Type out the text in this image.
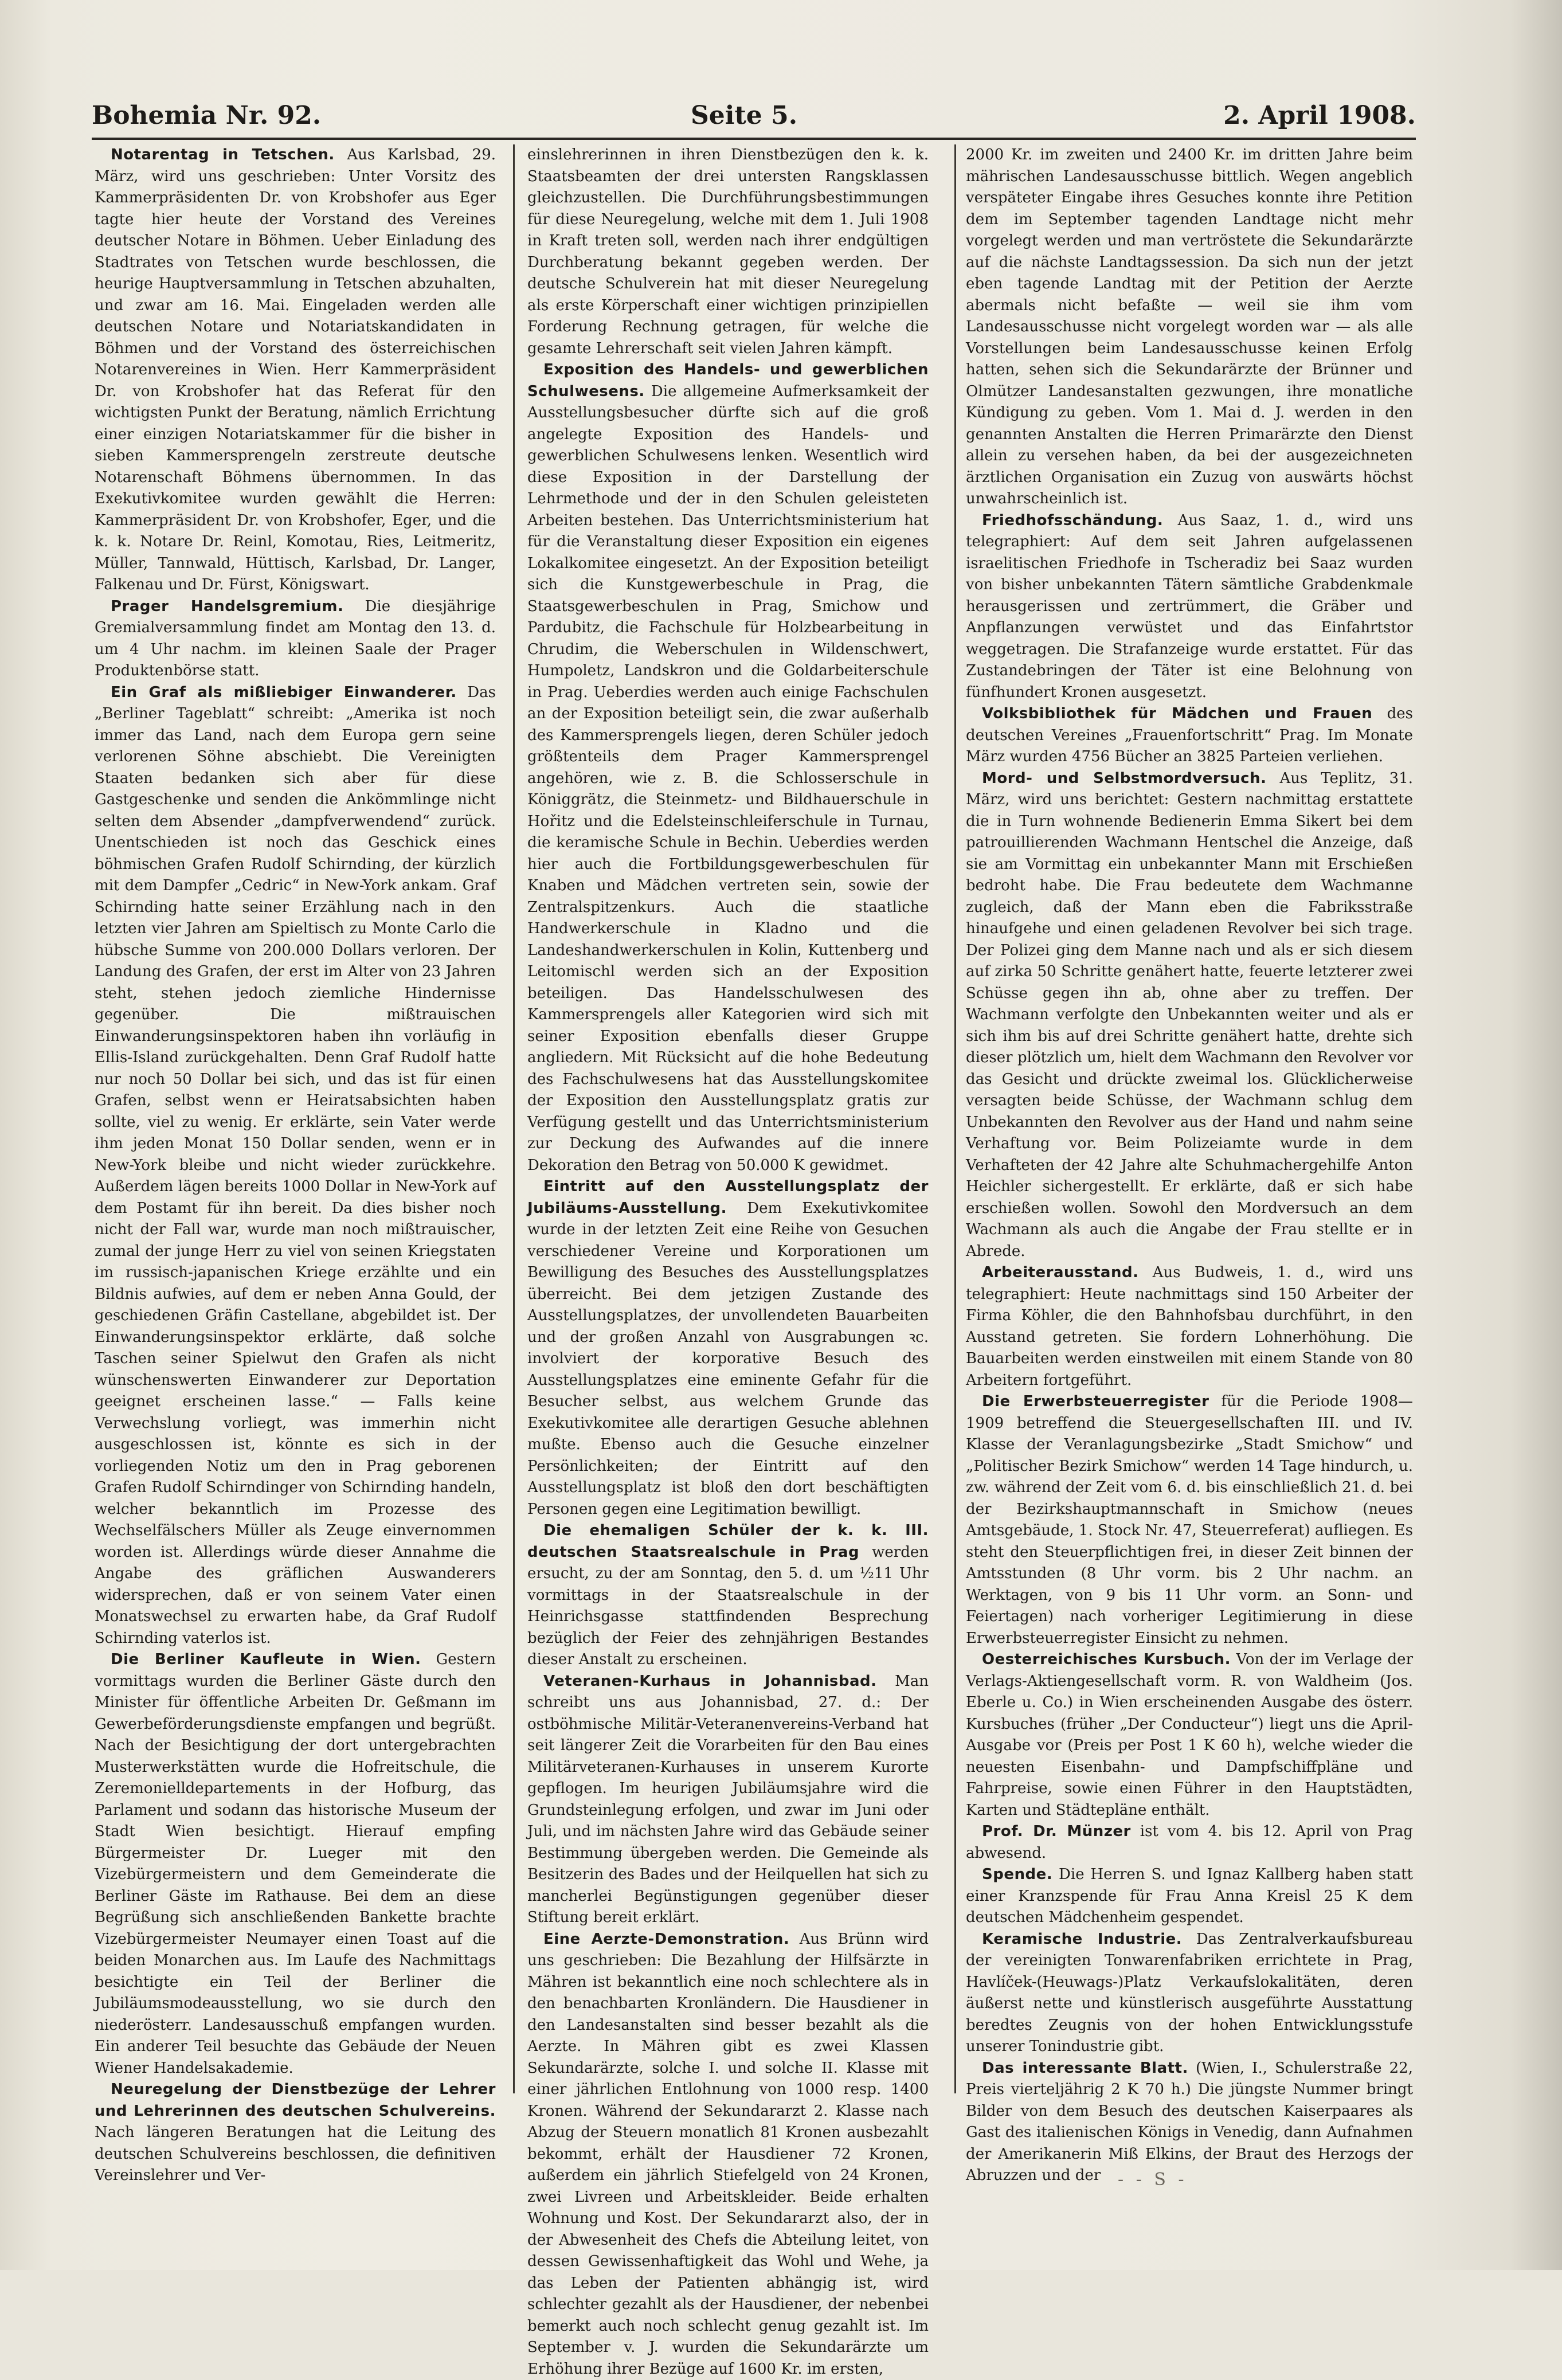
Bohemia Nr. 92.	Seite 5.	2. April 1908.

Notarentag in Tetschen. Aus Karlsbad, 29. März, wird uns geschrieben: Unter Vorsitz des Kammerpräsidenten Dr. von Krobshofer aus Eger tagte hier heute der Vorstand des Vereines deutscher Notare in Böhmen. Ueber Einladung des Stadtrates von Tetschen wurde beschlossen, die heurige Hauptversammlung in Tetschen abzuhalten, und zwar am 16. Mai. Eingeladen werden alle deutschen Notare und Notariatskandidaten in Böhmen und der Vorstand des österreichischen Notarenvereines in Wien. Herr Kammerpräsident Dr. von Krobshofer hat das Referat für den wichtigsten Punkt der Beratung, nämlich Errichtung einer einzigen Notariatskammer für die bisher in sieben Kammersprengeln zerstreute deutsche Notarenschaft Böhmens übernommen. In das Exekutivkomitee wurden gewählt die Herren: Kammerpräsident Dr. von Krobshofer, Eger, und die k. k. Notare Dr. Reinl, Komotau, Ries, Leitmeritz, Müller, Tannwald, Hüttisch, Karlsbad, Dr. Langer, Falkenau und Dr. Fürst, Königswart.

Prager Handelsgremium. Die diesjährige Gremialversammlung findet am Montag den 13. d. um 4 Uhr nachm. im kleinen Saale der Prager Produktenbörse statt.

Ein Graf als mißliebiger Einwanderer. Das „Berliner Tageblatt“ schreibt: „Amerika ist noch immer das Land, nach dem Europa gern seine verlorenen Söhne abschiebt. Die Vereinigten Staaten bedanken sich aber für diese Gastgeschenke und senden die Ankömmlinge nicht selten dem Absender „dampfverwendend“ zurück. Unentschieden ist noch das Geschick eines böhmischen Grafen Rudolf Schirnding, der kürzlich mit dem Dampfer „Cedric“ in New-York ankam. Graf Schirnding hatte seiner Erzählung nach in den letzten vier Jahren am Spieltisch zu Monte Carlo die hübsche Summe von 200.000 Dollars verloren. Der Landung des Grafen, der erst im Alter von 23 Jahren steht, stehen jedoch ziemliche Hindernisse gegenüber. Die mißtrauischen Einwanderungsinspektoren haben ihn vorläufig in Ellis-Island zurückgehalten. Denn Graf Rudolf hatte nur noch 50 Dollar bei sich, und das ist für einen Grafen, selbst wenn er Heiratsabsichten haben sollte, viel zu wenig. Er erklärte, sein Vater werde ihm jeden Monat 150 Dollar senden, wenn er in New-York bleibe und nicht wieder zurückkehre. Außerdem lägen bereits 1000 Dollar in New-York auf dem Postamt für ihn bereit. Da dies bisher noch nicht der Fall war, wurde man noch mißtrauischer, zumal der junge Herr zu viel von seinen Kriegstaten im russisch-japanischen Kriege erzählte und ein Bildnis aufwies, auf dem er neben Anna Gould, der geschiedenen Gräfin Castellane, abgebildet ist. Der Einwanderungsinspektor erklärte, daß solche Taschen seiner Spielwut den Grafen als nicht wünschenswerten Einwanderer zur Deportation geeignet erscheinen lasse.“ — Falls keine Verwechslung vorliegt, was immerhin nicht ausgeschlossen ist, könnte es sich in der vorliegenden Notiz um den in Prag geborenen Grafen Rudolf Schirndinger von Schirnding handeln, welcher bekanntlich im Prozesse des Wechselfälschers Müller als Zeuge einvernommen worden ist. Allerdings würde dieser Annahme die Angabe des gräflichen Auswanderers widersprechen, daß er von seinem Vater einen Monatswechsel zu erwarten habe, da Graf Rudolf Schirnding vaterlos ist.

Die Berliner Kaufleute in Wien. Gestern vormittags wurden die Berliner Gäste durch den Minister für öffentliche Arbeiten Dr. Geßmann im Gewerbeförderungsdienste empfangen und begrüßt. Nach der Besichtigung der dort untergebrachten Musterwerkstätten wurde die Hofreitschule, die Zeremonielldepartements in der Hofburg, das Parlament und sodann das historische Museum der Stadt Wien besichtigt. Hierauf empfing Bürgermeister Dr. Lueger mit den Vizebürgermeistern und dem Gemeinderate die Berliner Gäste im Rathause. Bei dem an diese Begrüßung sich anschließenden Bankette brachte Vizebürgermeister Neumayer einen Toast auf die beiden Monarchen aus. Im Laufe des Nachmittags besichtigte ein Teil der Berliner die Jubiläumsmodeausstellung, wo sie durch den niederösterr. Landesausschuß empfangen wurden. Ein anderer Teil besuchte das Gebäude der Neuen Wiener Handelsakademie.

Neuregelung der Dienstbezüge der Lehrer und Lehrerinnen des deutschen Schulvereins. Nach längeren Beratungen hat die Leitung des deutschen Schulvereins beschlossen, die definitiven Vereinslehrer und Ver-

einslehrerinnen in ihren Dienstbezügen den k. k. Staatsbeamten der drei untersten Rangsklassen gleichzustellen. Die Durchführungsbestimmungen für diese Neuregelung, welche mit dem 1. Juli 1908 in Kraft treten soll, werden nach ihrer endgültigen Durchberatung bekannt gegeben werden. Der deutsche Schulverein hat mit dieser Neuregelung als erste Körperschaft einer wichtigen prinzipiellen Forderung Rechnung getragen, für welche die gesamte Lehrerschaft seit vielen Jahren kämpft.

Exposition des Handels- und gewerblichen Schulwesens. Die allgemeine Aufmerksamkeit der Ausstellungsbesucher dürfte sich auf die groß angelegte Exposition des Handels- und gewerblichen Schulwesens lenken. Wesentlich wird diese Exposition in der Darstellung der Lehrmethode und der in den Schulen geleisteten Arbeiten bestehen. Das Unterrichtsministerium hat für die Veranstaltung dieser Exposition ein eigenes Lokalkomitee eingesetzt. An der Exposition beteiligt sich die Kunstgewerbeschule in Prag, die Staatsgewerbeschulen in Prag, Smichow und Pardubitz, die Fachschule für Holzbearbeitung in Chrudim, die Weberschulen in Wildenschwert, Humpoletz, Landskron und die Goldarbeiterschule in Prag. Ueberdies werden auch einige Fachschulen an der Exposition beteiligt sein, die zwar außerhalb des Kammersprengels liegen, deren Schüler jedoch größtenteils dem Prager Kammersprengel angehören, wie z. B. die Schlosserschule in Königgrätz, die Steinmetz- und Bildhauerschule in Hořitz und die Edelsteinschleiferschule in Turnau, die keramische Schule in Bechin. Ueberdies werden hier auch die Fortbildungsgewerbeschulen für Knaben und Mädchen vertreten sein, sowie der Zentralspitzenkurs. Auch die staatliche Handwerkerschule in Kladno und die Landeshandwerkerschulen in Kolin, Kuttenberg und Leitomischl werden sich an der Exposition beteiligen. Das Handelsschulwesen des Kammersprengels aller Kategorien wird sich mit seiner Exposition ebenfalls dieser Gruppe angliedern. Mit Rücksicht auf die hohe Bedeutung des Fachschulwesens hat das Ausstellungskomitee der Exposition den Ausstellungsplatz gratis zur Verfügung gestellt und das Unterrichtsministerium zur Deckung des Aufwandes auf die innere Dekoration den Betrag von 50.000 K gewidmet.

Eintritt auf den Ausstellungsplatz der Jubiläums-Ausstellung. Dem Exekutivkomitee wurde in der letzten Zeit eine Reihe von Gesuchen verschiedener Vereine und Korporationen um Bewilligung des Besuches des Ausstellungsplatzes überreicht. Bei dem jetzigen Zustande des Ausstellungsplatzes, der unvollendeten Bauarbeiten und der großen Anzahl von Ausgrabungen ꝛc. involviert der korporative Besuch des Ausstellungsplatzes eine eminente Gefahr für die Besucher selbst, aus welchem Grunde das Exekutivkomitee alle derartigen Gesuche ablehnen mußte. Ebenso auch die Gesuche einzelner Persönlichkeiten; der Eintritt auf den Ausstellungsplatz ist bloß den dort beschäftigten Personen gegen eine Legitimation bewilligt.

Die ehemaligen Schüler der k. k. III. deutschen Staatsrealschule in Prag werden ersucht, zu der am Sonntag, den 5. d. um ½11 Uhr vormittags in der Staatsrealschule in der Heinrichsgasse stattfindenden Besprechung bezüglich der Feier des zehnjährigen Bestandes dieser Anstalt zu erscheinen.

Veteranen-Kurhaus in Johannisbad. Man schreibt uns aus Johannisbad, 27. d.: Der ostböhmische Militär-Veteranenvereins-Verband hat seit längerer Zeit die Vorarbeiten für den Bau eines Militärveteranen-Kurhauses in unserem Kurorte gepflogen. Im heurigen Jubiläumsjahre wird die Grundsteinlegung erfolgen, und zwar im Juni oder Juli, und im nächsten Jahre wird das Gebäude seiner Bestimmung übergeben werden. Die Gemeinde als Besitzerin des Bades und der Heilquellen hat sich zu mancherlei Begünstigungen gegenüber dieser Stiftung bereit erklärt.

Eine Aerzte-Demonstration. Aus Brünn wird uns geschrieben: Die Bezahlung der Hilfsärzte in Mähren ist bekanntlich eine noch schlechtere als in den benachbarten Kronländern. Die Hausdiener in den Landesanstalten sind besser bezahlt als die Aerzte. In Mähren gibt es zwei Klassen Sekundarärzte, solche I. und solche II. Klasse mit einer jährlichen Entlohnung von 1000 resp. 1400 Kronen. Während der Sekundararzt 2. Klasse nach Abzug der Steuern monatlich 81 Kronen ausbezahlt bekommt, erhält der Hausdiener 72 Kronen, außerdem ein jährlich Stiefelgeld von 24 Kronen, zwei Livreen und Arbeitskleider. Beide erhalten Wohnung und Kost. Der Sekundararzt also, der in der Abwesenheit des Chefs die Abteilung leitet, von dessen Gewissenhaftigkeit das Wohl und Wehe, ja das Leben der Patienten abhängig ist, wird schlechter gezahlt als der Hausdiener, der nebenbei bemerkt auch noch schlecht genug gezahlt ist. Im September v. J. wurden die Sekundarärzte um Erhöhung ihrer Bezüge auf 1600 Kr. im ersten,

2000 Kr. im zweiten und 2400 Kr. im dritten Jahre beim mährischen Landesausschusse bittlich. Wegen angeblich verspäteter Eingabe ihres Gesuches konnte ihre Petition dem im September tagenden Landtage nicht mehr vorgelegt werden und man vertröstete die Sekundarärzte auf die nächste Landtagssession. Da sich nun der jetzt eben tagende Landtag mit der Petition der Aerzte abermals nicht befaßte — weil sie ihm vom Landesausschusse nicht vorgelegt worden war — als alle Vorstellungen beim Landesausschusse keinen Erfolg hatten, sehen sich die Sekundarärzte der Brünner und Olmützer Landesanstalten gezwungen, ihre monatliche Kündigung zu geben. Vom 1. Mai d. J. werden in den genannten Anstalten die Herren Primarärzte den Dienst allein zu versehen haben, da bei der ausgezeichneten ärztlichen Organisation ein Zuzug von auswärts höchst unwahrscheinlich ist.

Friedhofsschändung. Aus Saaz, 1. d., wird uns telegraphiert: Auf dem seit Jahren aufgelassenen israelitischen Friedhofe in Tscheradiz bei Saaz wurden von bisher unbekannten Tätern sämtliche Grabdenkmale herausgerissen und zertrümmert, die Gräber und Anpflanzungen verwüstet und das Einfahrtstor weggetragen. Die Strafanzeige wurde erstattet. Für das Zustandebringen der Täter ist eine Belohnung von fünfhundert Kronen ausgesetzt.

Volksbibliothek für Mädchen und Frauen des deutschen Vereines „Frauenfortschritt“ Prag. Im Monate März wurden 4756 Bücher an 3825 Parteien verliehen.

Mord- und Selbstmordversuch. Aus Teplitz, 31. März, wird uns berichtet: Gestern nachmittag erstattete die in Turn wohnende Bedienerin Emma Sikert bei dem patrouillierenden Wachmann Hentschel die Anzeige, daß sie am Vormittag ein unbekannter Mann mit Erschießen bedroht habe. Die Frau bedeutete dem Wachmanne zugleich, daß der Mann eben die Fabriksstraße hinaufgehe und einen geladenen Revolver bei sich trage. Der Polizei ging dem Manne nach und als er sich diesem auf zirka 50 Schritte genähert hatte, feuerte letzterer zwei Schüsse gegen ihn ab, ohne aber zu treffen. Der Wachmann verfolgte den Unbekannten weiter und als er sich ihm bis auf drei Schritte genähert hatte, drehte sich dieser plötzlich um, hielt dem Wachmann den Revolver vor das Gesicht und drückte zweimal los. Glücklicherweise versagten beide Schüsse, der Wachmann schlug dem Unbekannten den Revolver aus der Hand und nahm seine Verhaftung vor. Beim Polizeiamte wurde in dem Verhafteten der 42 Jahre alte Schuhmachergehilfe Anton Heichler sichergestellt. Er erklärte, daß er sich habe erschießen wollen. Sowohl den Mordversuch an dem Wachmann als auch die Angabe der Frau stellte er in Abrede.

Arbeiterausstand. Aus Budweis, 1. d., wird uns telegraphiert: Heute nachmittags sind 150 Arbeiter der Firma Köhler, die den Bahnhofsbau durchführt, in den Ausstand getreten. Sie fordern Lohnerhöhung. Die Bauarbeiten werden einstweilen mit einem Stande von 80 Arbeitern fortgeführt.

Die Erwerbsteuerregister für die Periode 1908—1909 betreffend die Steuergesellschaften III. und IV. Klasse der Veranlagungsbezirke „Stadt Smichow“ und „Politischer Bezirk Smichow“ werden 14 Tage hindurch, u. zw. während der Zeit vom 6. d. bis einschließlich 21. d. bei der Bezirkshauptmannschaft in Smichow (neues Amtsgebäude, 1. Stock Nr. 47, Steuerreferat) aufliegen. Es steht den Steuerpflichtigen frei, in dieser Zeit binnen der Amtsstunden (8 Uhr vorm. bis 2 Uhr nachm. an Werktagen, von 9 bis 11 Uhr vorm. an Sonn- und Feiertagen) nach vorheriger Legitimierung in diese Erwerbsteuerregister Einsicht zu nehmen.

Oesterreichisches Kursbuch. Von der im Verlage der Verlags-Aktiengesellschaft vorm. R. von Waldheim (Jos. Eberle u. Co.) in Wien erscheinenden Ausgabe des österr. Kursbuches (früher „Der Conducteur“) liegt uns die April-Ausgabe vor (Preis per Post 1 K 60 h), welche wieder die neuesten Eisenbahn- und Dampfschiffpläne und Fahrpreise, sowie einen Führer in den Hauptstädten, Karten und Städtepläne enthält.

Prof. Dr. Münzer ist vom 4. bis 12. April von Prag abwesend.

Spende. Die Herren S. und Ignaz Kallberg haben statt einer Kranzspende für Frau Anna Kreisl 25 K dem deutschen Mädchenheim gespendet.

Keramische Industrie. Das Zentralverkaufsbureau der vereinigten Tonwarenfabriken errichtete in Prag, Havlíček-(Heuwags-)Platz Verkaufslokalitäten, deren äußerst nette und künstlerisch ausgeführte Ausstattung beredtes Zeugnis von der hohen Entwicklungsstufe unserer Tonindustrie gibt.

Das interessante Blatt. (Wien, I., Schulerstraße 22, Preis vierteljährig 2 K 70 h.) Die jüngste Nummer bringt Bilder von dem Besuch des deutschen Kaiserpaares als Gast des italienischen Königs in Venedig, dann Aufnahmen der Amerikanerin Miß Elkins, der Braut des Herzogs der Abruzzen und der - - S -
